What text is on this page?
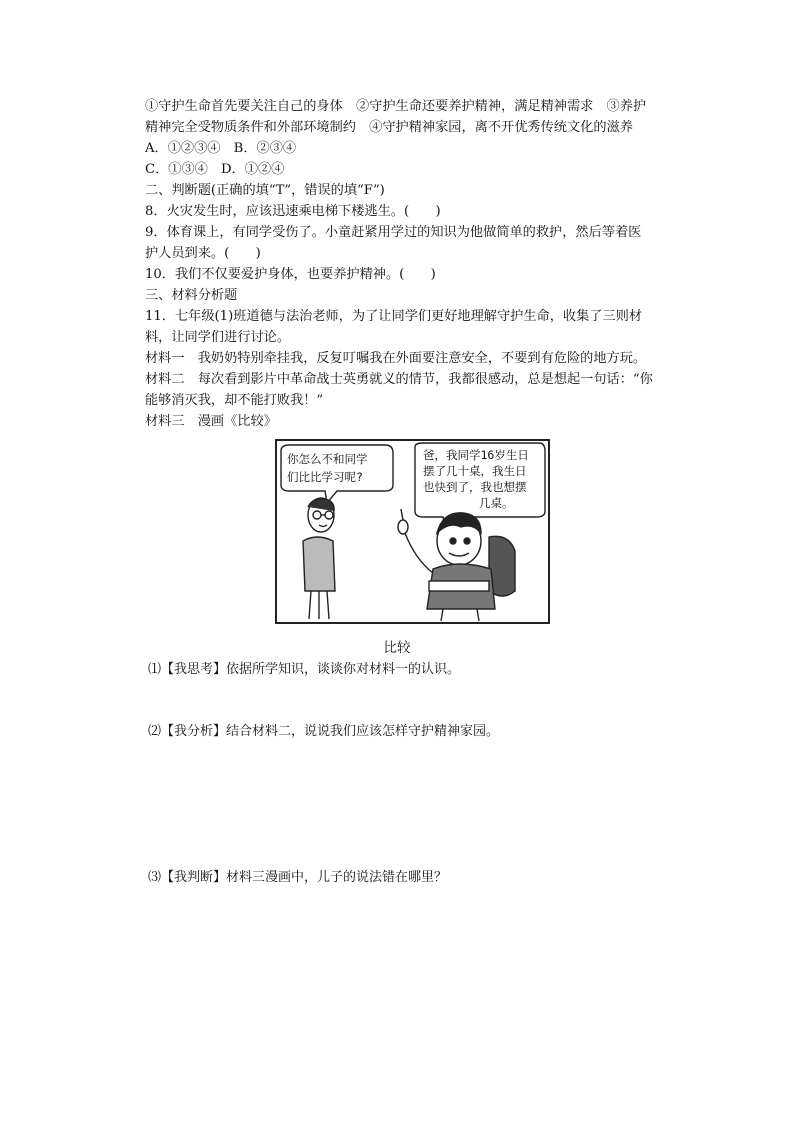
①守护生命首先要关注自己的身体　②守护生命还要养护精神，满足精神需求　③养护
精神完全受物质条件和外部环境制约　④守护精神家园，离不开优秀传统文化的滋养
A．①②③④　B．②③④
C．①③④　D．①②④
二、判断题(正确的填“T”，错误的填“F”)
8．火灾发生时，应该迅速乘电梯下楼逃生。(　　)
9．体育课上，有同学受伤了。小童赶紧用学过的知识为他做简单的救护，然后等着医
护人员到来。(　　)
10．我们不仅要爱护身体，也要养护精神。(　　)
三、材料分析题
11．七年级(1)班道德与法治老师，为了让同学们更好地理解守护生命，收集了三则材
料，让同学们进行讨论。
材料一　我奶奶特别牵挂我，反复叮嘱我在外面要注意安全，不要到有危险的地方玩。
材料二　每次看到影片中革命战士英勇就义的情节，我都很感动，总是想起一句话：“你
能够消灭我，却不能打败我！”
材料三　漫画《比较》
你怎么不和同学
们比比学习呢?
爸，我同学16岁生日
摆了几十桌，我生日
也快到了，我也想摆
几桌。
比较
⑴【我思考】依据所学知识，谈谈你对材料一的认识。
⑵【我分析】结合材料二，说说我们应该怎样守护精神家园。
⑶【我判断】材料三漫画中，儿子的说法错在哪里？
